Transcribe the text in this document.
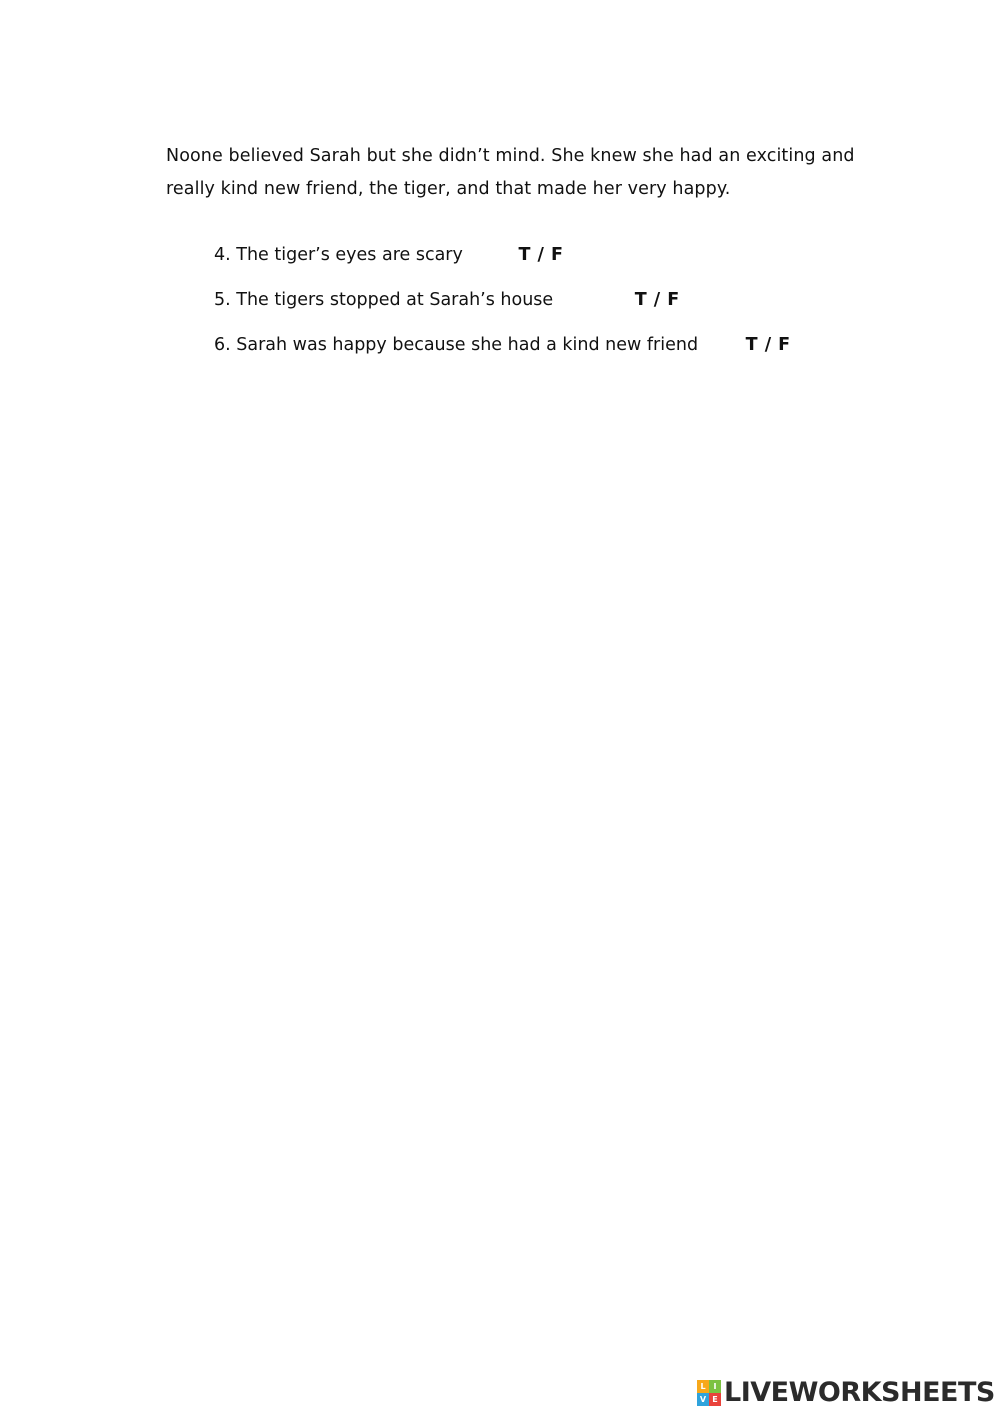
Noone believed Sarah but she didn’t mind. She knew she had an exciting and really kind new friend, the tiger, and that made her very happy.

4. The tiger’s eyes are scary	T / F
5. The tigers stopped at Sarah’s house	T / F
6. Sarah was happy because she had a kind new friend	T / F
L I
V E LIVEWORKSHEETS
